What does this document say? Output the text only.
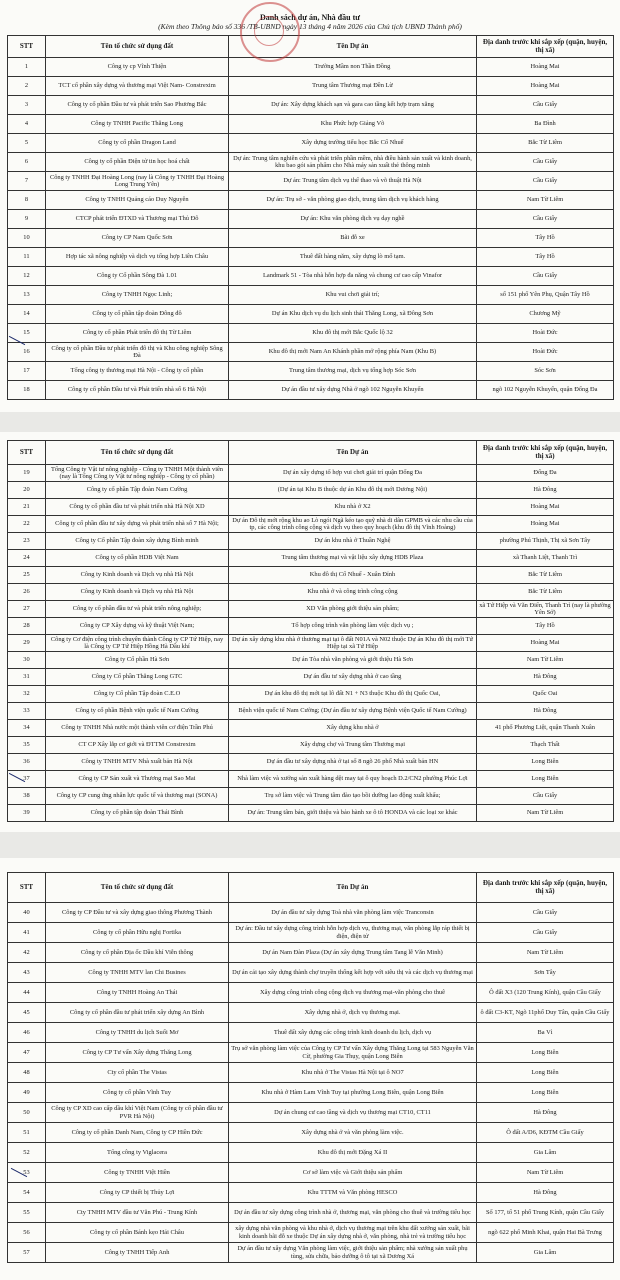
Danh sách dự án, Nhà đầu tư
(Kèm theo Thông báo số 336 /TB-UBND ngày 13 tháng 4 năm 2026 của Chủ tịch UBND Thành phố)
STT	Tên tổ chức sử dụng đất	Tên Dự án	Địa danh trước khi sắp xếp (quận, huyện, thị xã)
1	Công ty cp Vĩnh Thiện	Trường Mầm non Thần Đồng	Hoàng Mai
2	TCT cổ phần xây dựng và thương mại Việt Nam- Constrexim	Trung tâm Thương mại Đền Lừ	Hoàng Mai
3	Công ty cổ phần Đầu tư và phát triển Sao Phương Bắc	Dự án: Xây dựng khách sạn và gara cao tầng kết hợp trạm xăng	Cầu Giấy
4	Công ty TNHH Pacific Thăng Long	Khu Phức hợp Giảng Võ	Ba Đình
5	Công ty cổ phần Dragon Land	Xây dựng trường tiểu học Bắc Cổ Nhuế	Bắc Từ Liêm
6	Công ty cổ phần Điện tử tin học hoá chất	Dự án: Trung tâm nghiên cứu và phát triển phần mềm, nhà điều hành sản xuất và kinh doanh, khu bao gói sản phẩm cho Nhà máy sản xuất thẻ thông minh	Cầu Giấy
7	Công ty TNHH Đại Hoàng Long (nay là Công ty TNHH Đại Hoàng Long Trung Yên)	Dự án: Trung tâm dịch vụ thể thao và võ thuật Hà Nội	Cầu Giấy
8	Công ty TNHH Quảng cáo Duy Nguyên	Dự án: Trụ sở - văn phòng giao dịch, trung tâm dịch vụ khách hàng	Nam Từ Liêm
9	CTCP phát triển ĐTXD và Thương mại Thủ Đô	Dự án: Khu văn phòng dịch vụ dạy nghề	Cầu Giấy
10	Công ty CP Nam Quốc Sơn	Bãi đỗ xe	Tây Hồ
11	Hợp tác xã nông nghiệp và dịch vụ tổng hợp Liên Châu	Thuê đất hàng năm, xây dựng lò mổ tạm.	Tây Hồ
12	Công ty Cổ phần Sông Đà 1.01	Landmark 51 - Tòa nhà hỗn hợp đa năng và chung cư cao cấp Vinafor	Cầu Giấy
13	Công ty TNHH Ngọc Linh;	Khu vui chơi giải trí;	số 151 phố Yên Phụ, Quận Tây Hồ
14	Công ty cổ phần tập đoàn Đông đô	Dự án Khu dịch vụ du lịch sinh thái Thăng Long, xã Đông Sơn	Chương Mỹ
15	Công ty cổ phần Phát triển đô thị Từ Liêm	Khu đô thị mới Bắc Quốc lộ 32	Hoài Đức
16	Công ty cổ phần Đầu tư phát triển đô thị và Khu công nghiệp Sông Đà	Khu đô thị mới Nam An Khánh phần mở rộng phía Nam (Khu B)	Hoài Đức
17	Tổng công ty thương mại Hà Nội - Công ty cổ phần	Trung tâm thương mại, dịch vụ tổng hợp Sóc Sơn	Sóc Sơn
18	Công ty cổ phần Đầu tư và Phát triển nhà số 6 Hà Nội	Dự án đầu tư xây dựng Nhà ở ngõ 102 Nguyễn Khuyến	ngõ 102 Nguyễn Khuyến, quận Đống Đa
STT	Tên tổ chức sử dụng đất	Tên Dự án	Địa danh trước khi sắp xếp (quận, huyện, thị xã)
19	Tổng Công ty Vật tư nông nghiệp - Công ty TNHH Một thành viên (nay là Tổng Công ty Vật tư nông nghiệp - Công ty cổ phần)	Dự án xây dựng tổ hợp vui chơi giải trí quận Đống Đa	Đống Đa
20	Công ty cổ phần Tập đoàn Nam Cường	(Dự án tại Khu B thuộc dự án Khu đô thị mới Dương Nội)	Hà Đông
21	Công ty cổ phần đầu tư và phát triển nhà Hà Nội XD	Khu nhà ở X2	Hoàng Mai
22	Công ty cổ phần đầu tư xây dựng và phát triển nhà số 7 Hà Nội;	Dự án Đô thị mới rộng khu ao Lò ngói Ngã kéo tạo quỹ nhà di dân GPMB và các nhu cầu của tp, các công trình công cộng và dịch vụ theo quy hoạch (khu đô thị Vĩnh Hoàng)	Hoàng Mai
23	Công ty Cổ phần Tập đoàn xây dựng Bình minh	Dự án khu nhà ở Thuần Nghệ	phường Phú Thịnh, Thị xã Sơn Tây
24	Công ty cổ phần HDB Việt Nam	Trung tâm thương mại và vật liệu xây dựng HDB Plaza	xã Thanh Liệt, Thanh Trì
25	Công ty Kinh doanh và Dịch vụ nhà Hà Nội	Khu đô thị Cổ Nhuế - Xuân Đỉnh	Bắc Từ Liêm
26	Công ty Kinh doanh và Dịch vụ nhà Hà Nội	Khu nhà ở và công trình công cộng	Bắc Từ Liêm
27	Công ty cổ phần đầu tư và phát triển nông nghiệp;	XD Văn phòng giới thiệu sản phẩm;	xã Tứ Hiệp và Văn Điển, Thanh Trì (nay là phường Yên Sở)
28	Công ty CP Xây dựng và kỹ thuật Việt Nam;	Tổ hợp công trình văn phòng làm việc dịch vụ ;	Tây Hồ
29	Công ty Cơ điện công trình chuyên thành Công ty CP Tứ Hiệp, nay là Công ty CP Tứ Hiệp Hồng Hà Dầu khí	Dự án xây dựng khu nhà ở thương mại tại ô đất N01A và N02 thuộc Dự án Khu đô thị mới Tứ Hiệp tại xã Tứ Hiệp	Hoàng Mai
30	Công ty Cổ phần Hà Sơn	Dự án Tòa nhà văn phòng và giới thiệu Hà Sơn	Nam Từ Liêm
31	Công ty Cổ phần Thăng Long GTC	Dự án đầu tư xây dựng nhà ở cao tầng	Hà Đông
32	Công ty Cổ phần Tập đoàn C.E.O	Dự án khu đô thị mới tại lô đất N1 + N3 thuộc Khu đô thị Quốc Oai,	Quốc Oai
33	Công ty cổ phần Bệnh viện quốc tế Nam Cường	Bệnh viện quốc tế Nam Cường; (Dự án đầu tư xây dựng Bệnh viện Quốc tế Nam Cường)	Hà Đông
34	Công ty TNHH Nhà nước một thành viên cơ điện Trần Phú	Xây dựng khu nhà ở	41 phố Phương Liệt, quận Thanh Xuân
35	CT CP Xây lắp cơ giới và ĐTTM Constrexim	Xây dựng chợ và Trung tâm Thương mại	Thạch Thất
36	Công ty TNHH MTV Nhà xuất bản Hà Nội	Dự án đầu tư xây dựng nhà ở tại số 8 ngõ 26 phố Nhà xuất bản HN	Long Biên
37	Công ty CP Sản xuất và Thương mại Sao Mai	Nhà làm việc và xưởng sản xuất hàng dệt may tại ô quy hoạch D.2/CN2 phường Phúc Lợi	Long Biên
38	Công ty CP cung ứng nhân lực quốc tế và thương mại (SONA)	Trụ sở làm việc và Trung tâm đào tạo bồi dưỡng lao động xuất khẩu;	Cầu Giấy
39	Công ty cổ phần tập đoàn Thái Bình	Dự án: Trung tâm bán, giới thiệu và bảo hành xe ô tô HONDA và các loại xe khác	Nam Từ Liêm
STT	Tên tổ chức sử dụng đất	Tên Dự án	Địa danh trước khi sắp xếp (quận, huyện, thị xã)
40	Công ty CP Đầu tư và xây dựng giao thông Phương Thành	Dự án đầu tư xây dựng Toà nhà văn phòng làm việc Tranconsin	Cầu Giấy
41	Công ty cổ phần Hữu nghị Fortika	Dự án: Đầu tư xây dựng công trình hỗn hợp dịch vụ, thương mại, văn phòng lắp ráp thiết bị điện, điện tử	Cầu Giấy
42	Công ty cổ phần Địa ốc Dầu khí Viễn thông	Dự án Nam Đàn Plaza (Dự án xây dựng Trung tâm Tang lễ Văn Minh)	Nam Từ Liêm
43	Công ty TNHH MTV lan Chi Busines	Dự án cải tạo xây dựng thành chợ truyền thống kết hợp với siêu thị và các dịch vụ thương mại	Sơn Tây
44	Công ty TNHH Hoàng An Thái	Xây dựng công trình công cộng dịch vụ thương mại-văn phòng cho thuê	Ô đất X3 (120 Trung Kính), quận Cầu Giấy
45	Công ty cổ phần đầu tư phát triển xây dựng An Bình	Xây dựng nhà ở, dịch vụ thương mại.	ô đất C3-KT, Ngõ 11phố Duy Tân, quận Cầu Giấy
46	Công ty TNHH du lịch Suối Mơ	Thuê đất xây dựng các công trình kinh doanh du lịch, dịch vụ	Ba Vì
47	Công ty CP Tư vấn Xây dựng Thăng Long	Trụ sở văn phòng làm việc của Công ty CP Tư vấn Xây dựng Thăng Long tại 583 Nguyễn Văn Cừ, phường Gia Thụy, quận Long Biên	Long Biên
48	Cty cổ phần The Vistas	Khu nhà ở The Vistas Hà Nội tại ô NO7	Long Biên
49	Công ty cổ phần Vĩnh Tuy	Khu nhà ở Hàm Lam Vĩnh Tuy tại phường Long Biên, quận Long Biên	Long Biên
50	Công ty CP XD cao cấp dầu khí Việt Nam (Công ty cổ phần đầu tư PVR Hà Nội)	Dự án chung cư cao tầng và dịch vụ thương mại CT10, CT11	Hà Đông
51	Công ty cổ phần Danh Nam, Công ty CP Hiền Đức	Xây dựng nhà ở và văn phòng làm việc.	Ô đất A/D6, KĐTM Cầu Giấy
52	Tổng công ty Viglacera	Khu đô thị mới Đặng Xá II	Gia Lâm
53	Công ty TNHH Việt Hiền	Cơ sở làm việc và Giới thiệu sản phẩm	Nam Từ Liêm
54	Công ty CP thiết bị Thủy Lợi	Khu TTTM và Văn phòng HESCO	Hà Đông
55	Cty TNHH MTV đầu tư Văn Phú - Trung Kính	Dự án đầu tư xây dựng công trình nhà ở, thương mại, văn phòng cho thuê và trường tiểu học	Số 177, tổ 51 phố Trung Kính, quận Cầu Giấy
56	Công ty cổ phần Bánh kẹo Hải Châu	xây dựng nhà văn phòng và khu nhà ở, dịch vụ thương mại trên khu đất xưởng sản xuất, bãi kinh doanh bãi đỗ xe thuộc Dự án xây dựng nhà ở, văn phòng, nhà trẻ và trường tiểu học	ngõ 622 phố Minh Khai, quận Hai Bà Trưng
57	Công ty TNHH Tiếp Anh	Dự án đầu tư xây dựng Văn phòng làm việc, giới thiệu sản phẩm; nhà xưởng sản xuất phụ tùng, sửa chữa, bảo dưỡng ô tô tại xã Dương Xá	Gia Lâm
